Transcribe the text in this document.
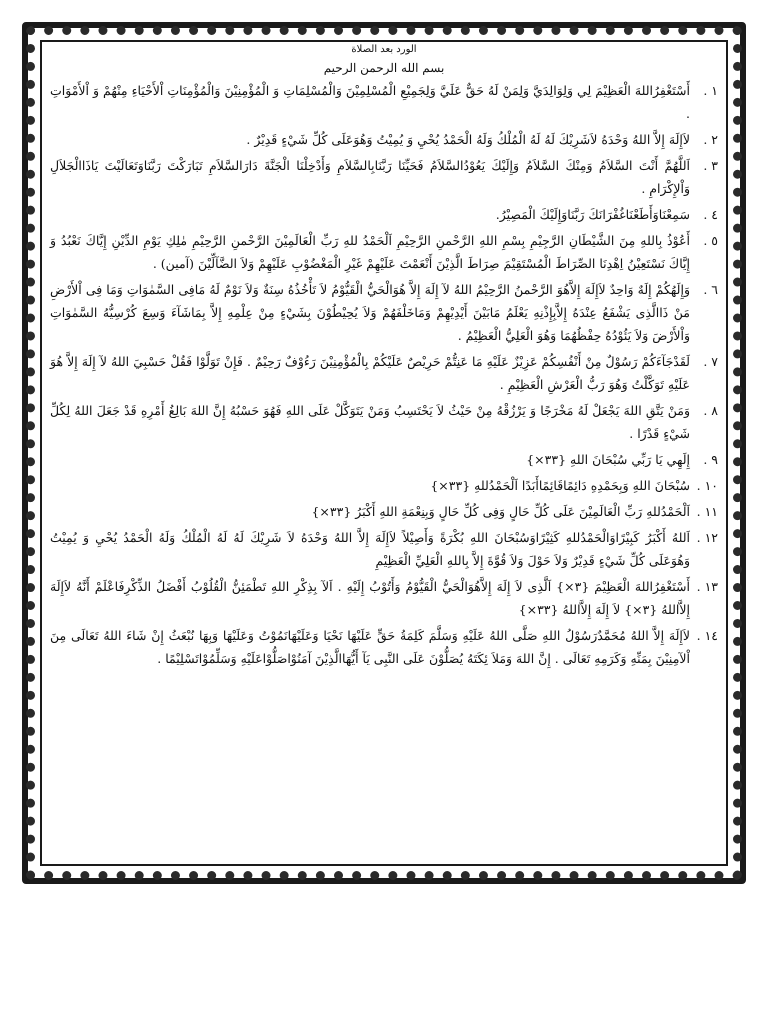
الورد بعد الصلاة
بسم الله الرحمن الرحيم
١ .
أَسْتَغْفِرُاللهَ الْعَظِيْمَ لِي وَلِوَالِدَيَّ وَلِمَنْ لَهُ حَقٌّ عَلَيَّ وَلِجَمِيْعِ الْمُسْلِمِيْنَ وَالْمُسْلِمَاتِ وَ الْمُؤْمِنِيْنَ وَالْمُؤْمِنَاتِ اْلأَحْيَاءِ مِنْهُمْ وَ اْلأَمْوَاتِ .
٢ .
لاَإِلَهَ إِلاَّ اللهُ وَحْدَهُ لاَشَرِيْكَ لَهُ لَهُ الْمُلْكُ وَلَهُ الْحَمْدُ يُحْيِ وَ يُمِيْتُ وَهُوَعَلَى كُلِّ شَيْءٍ قَدِيْرٌ .
٣ .
اَللَّهُمَّ أَنْتَ السَّلاَمُ وَمِنْكَ السَّلاَمُ وَإِلَيْكَ يَعُوْدُالسَّلاَمُ فَحَيِّنَا رَبَّنَابِالسَّلاَمِ وَأَدْخِلْنَا الْجَنَّةَ دَارَالسَّلاَمِ تَبَارَكْتَ رَبَّنَاوَتَعَالَيْتَ يَاذَاالْجَلاَلِ وَاْلإِكْرَامِ .
٤ .
سَمِعْنَاوَأَطَعْنَاغُفْرَانَكَ رَبَّنَاوَإِلَيْكَ الْمَصِيْرُ.
٥ .
أَعُوْذُ بِاللهِ مِنَ الشَّيْطَانِ الرَّجِيْمِ بِسْمِ اللهِ الرَّحْمنِ الرَّحِيْمِ اَلْحَمْدُ للهِ رَبِّ الْعَالَمِيْنَ الرَّحْمنِ الرَّحِيْمِ مٰلِكِ يَوْمِ الدِّيْنِ إِيَّاكَ نَعْبُدُ وَ إِيَّاكَ نَسْتَعِيْنُ اِهْدِنَا الصِّرَاطَ الْمُسْتَقِيْمَ صِرَاطَ الَّذِيْنَ أَنْعَمْتَ عَلَيْهِمْ غَيْرِ الْمَغْضُوْبِ عَلَيْهِمْ وَلاَ الضَّآلِّيْنَ (آمين) .
٦ .
وَإِلَهُكُمْ إِلَهٌ وَاحِدٌ لاَإِلَهَ إِلاَّهُوَ الرَّحْمنُ الرَّحِيْمُ اللهُ لآ إِلَهَ إِلاَّ هُوَالْحَيُّ الْقَيُّوْمُ لاَ تَأْخُذُهُ سِنَةٌ وَلاَ نَوْمٌ لَهُ مَافِى السَّمٰوَاتِ وَمَا فِى اْلأَرْضِ مَنْ ذَاالَّذِى يَشْفَعُ عِنْدَهُ إِلاَّبِإِذْنِهِ يَعْلَمُ مَابَيْنَ أَيْدِيْهِمْ وَمَاخَلْفَهُمْ وَلاَ يُحِيْطُوْنَ بِشَيْءٍ مِنْ عِلْمِهِ إِلاَّ بِمَاشَآءَ وَسِعَ كُرْسِيُّهُ السَّمٰوَاتِ وَاْلأَرْضَ وَلاَ يَئُوْدُهُ حِفْظُهُمَا وَهُوَ الْعَلِيُّ الْعَظِيْمُ .
٧ .
لَقَدْجَآءَكُمْ رَسُوْلٌ مِنْ أَنْفُسِكُمْ عَزِيْزٌ عَلَيْهِ مَا عَنِتُّمْ حَرِيْصٌ عَلَيْكُمْ بِالْمُؤْمِنِيْنَ رَءُوْفٌ رَحِيْمٌ . فَإِنْ تَوَلَّوْا فَقُلْ حَسْبِيَ اللهُ لآ إِلَهَ إِلاَّ هُوَ عَلَيْهِ تَوَكَّلْتُ وَهُوَ رَبُّ الْعَرْشِ الْعَظِيْمِ .
٨ .
وَمَنْ يَتَّقِ اللهَ يَجْعَلْ لَهُ مَخْرَجًا وَ يَرْزُقْهُ مِنْ حَيْثُ لاَ يَحْتَسِبُ وَمَنْ يَتَوَكَّلْ عَلَى اللهِ فَهُوَ حَسْبُهُ إِنَّ اللهَ بَالِغُ أَمْرِهِ قَدْ جَعَلَ اللهُ لِكُلِّ شَيْءٍ قَدْرًا .
٩ .
إِلَهِي يَا رَبِّي سُبْحَانَ اللهِ {٣٣×}
١٠ .
سُبْحَانَ اللهِ وَبِحَمْدِهِ دَائِمًاقَائِمًاأَبَدًا اَلْحَمْدُللهِ {٣٣×}
١١ .
اَلْحَمْدُللهِ رَبِّ الْعَالَمِيْنَ عَلَى كُلِّ حَالٍ وَفِى كُلِّ حَالٍ وَبِنِعْمَةِ اللهِ أَكْبَرُ {٣٣×}
١٢ .
اَللهُ أَكْبَرُ كَبِيْرًاوَالْحَمْدُللهِ كَثِيْرًاوَسُبْحَانَ اللهِ بُكْرَةً وَأَصِيْلاً لاَإِلَهَ إِلاَّ اللهُ وَحْدَهُ لاَ شَرِيْكَ لَهُ لَهُ الْمُلْكُ وَلَهُ الْحَمْدُ يُحْيِ وَ يُمِيْتُ وَهُوَعَلَى كُلِّ شَيْءٍ قَدِيْرٌ وَلاَ حَوْلَ وَلاَ قُوَّةَ إِلاَّ بِاللهِ الْعَلِيِّ الْعَظِيْمِ
١٣ .
أَسْتَغْفِرُاللهَ الْعَظِيْمَ {٣×} اَلَّذِى لاَ إِلَهَ إِلاَّهُوَالْحَيُّ الْقَيُّوْمُ وَأَتُوْبُ إِلَيْهِ . اَلآ بِذِكْرِ اللهِ تَطْمَئِنُّ الْقُلُوْبُ أَفْضَلُ الذِّكْرِفَاعْلَمْ أَنَّهُ لاَإِلَهَ إِلاَّاللهُ {٣×} لاَ إِلَهَ إِلاَّاللهُ {٣٣×}
١٤ .
لاَإِلَهَ إِلاَّ اللهُ مُحَمَّدٌرَسُوْلُ اللهِ صَلَّى اللهُ عَلَيْهِ وَسَلَّمَ كَلِمَةُ حَقٍّ عَلَيْهَا نَحْيَا وَعَلَيْهَانَمُوْتُ وَعَلَيْهَا وَبِهَا نُبْعَثُ إِنْ شَاءَ اللهُ تَعَالَى مِنَ اْلآمِنِيْنَ بِمَنِّهِ وَكَرَمِهِ تَعَالَى . إِنَّ اللهَ وَمَلاَ ئِكَتَهُ يُصَلُّوْنَ عَلَى النَّبِى يَآ أَيُّهَاالَّذِيْنَ آمَنُوْاصَلُّوْاعَلَيْهِ وَسَلِّمُوْاتَسْلِيْمًا .
